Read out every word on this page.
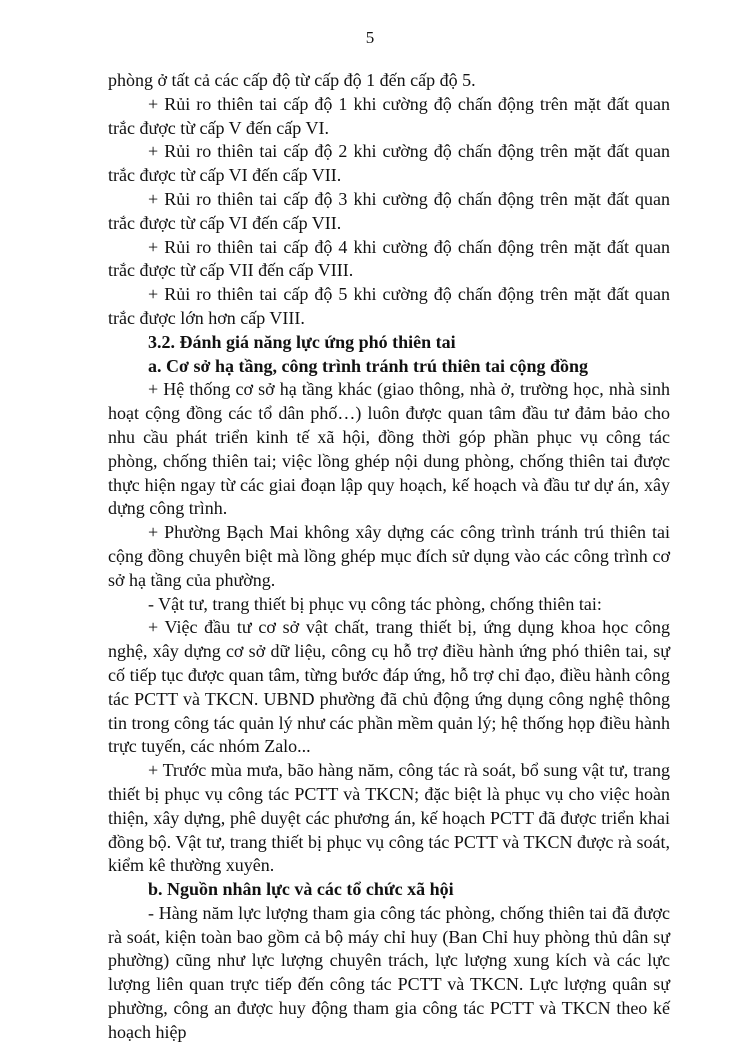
5

phòng ở tất cả các cấp độ từ cấp độ 1 đến cấp độ 5.

+ Rủi ro thiên tai cấp độ 1 khi cường độ chấn động trên mặt đất quan trắc được từ cấp V đến cấp VI.

+ Rủi ro thiên tai cấp độ 2 khi cường độ chấn động trên mặt đất quan trắc được từ cấp VI đến cấp VII.

+ Rủi ro thiên tai cấp độ 3 khi cường độ chấn động trên mặt đất quan trắc được từ cấp VI đến cấp VII.

+ Rủi ro thiên tai cấp độ 4 khi cường độ chấn động trên mặt đất quan trắc được từ cấp VII đến cấp VIII.

+ Rủi ro thiên tai cấp độ 5 khi cường độ chấn động trên mặt đất quan trắc được lớn hơn cấp VIII.

3.2. Đánh giá năng lực ứng phó thiên tai

a. Cơ sở hạ tầng, công trình tránh trú thiên tai cộng đồng

+ Hệ thống cơ sở hạ tầng khác (giao thông, nhà ở, trường học, nhà sinh hoạt cộng đồng các tổ dân phố…) luôn được quan tâm đầu tư đảm bảo cho nhu cầu phát triển kinh tế xã hội, đồng thời góp phần phục vụ công tác phòng, chống thiên tai; việc lồng ghép nội dung phòng, chống thiên tai được thực hiện ngay từ các giai đoạn lập quy hoạch, kế hoạch và đầu tư dự án, xây dựng công trình.

+ Phường Bạch Mai không xây dựng các công trình tránh trú thiên tai cộng đồng chuyên biệt mà lồng ghép mục đích sử dụng vào các công trình cơ sở hạ tầng của phường.

- Vật tư, trang thiết bị phục vụ công tác phòng, chống thiên tai:

+ Việc đầu tư cơ sở vật chất, trang thiết bị, ứng dụng khoa học công nghệ, xây dựng cơ sở dữ liệu, công cụ hỗ trợ điều hành ứng phó thiên tai, sự cố tiếp tục được quan tâm, từng bước đáp ứng, hỗ trợ chỉ đạo, điều hành công tác PCTT và TKCN. UBND phường đã chủ động ứng dụng công nghệ thông tin trong công tác quản lý như các phần mềm quản lý; hệ thống họp điều hành trực tuyến, các nhóm Zalo...

+ Trước mùa mưa, bão hàng năm, công tác rà soát, bổ sung vật tư, trang thiết bị phục vụ công tác PCTT và TKCN; đặc biệt là phục vụ cho việc hoàn thiện, xây dựng, phê duyệt các phương án, kế hoạch PCTT đã được triển khai đồng bộ. Vật tư, trang thiết bị phục vụ công tác PCTT và TKCN được rà soát, kiểm kê thường xuyên.

b. Nguồn nhân lực và các tổ chức xã hội

- Hàng năm lực lượng tham gia công tác phòng, chống thiên tai đã được rà soát, kiện toàn bao gồm cả bộ máy chỉ huy (Ban Chỉ huy phòng thủ dân sự phường) cũng như lực lượng chuyên trách, lực lượng xung kích và các lực lượng liên quan trực tiếp đến công tác PCTT và TKCN. Lực lượng quân sự phường, công an được huy động tham gia công tác PCTT và TKCN theo kế hoạch hiệp
